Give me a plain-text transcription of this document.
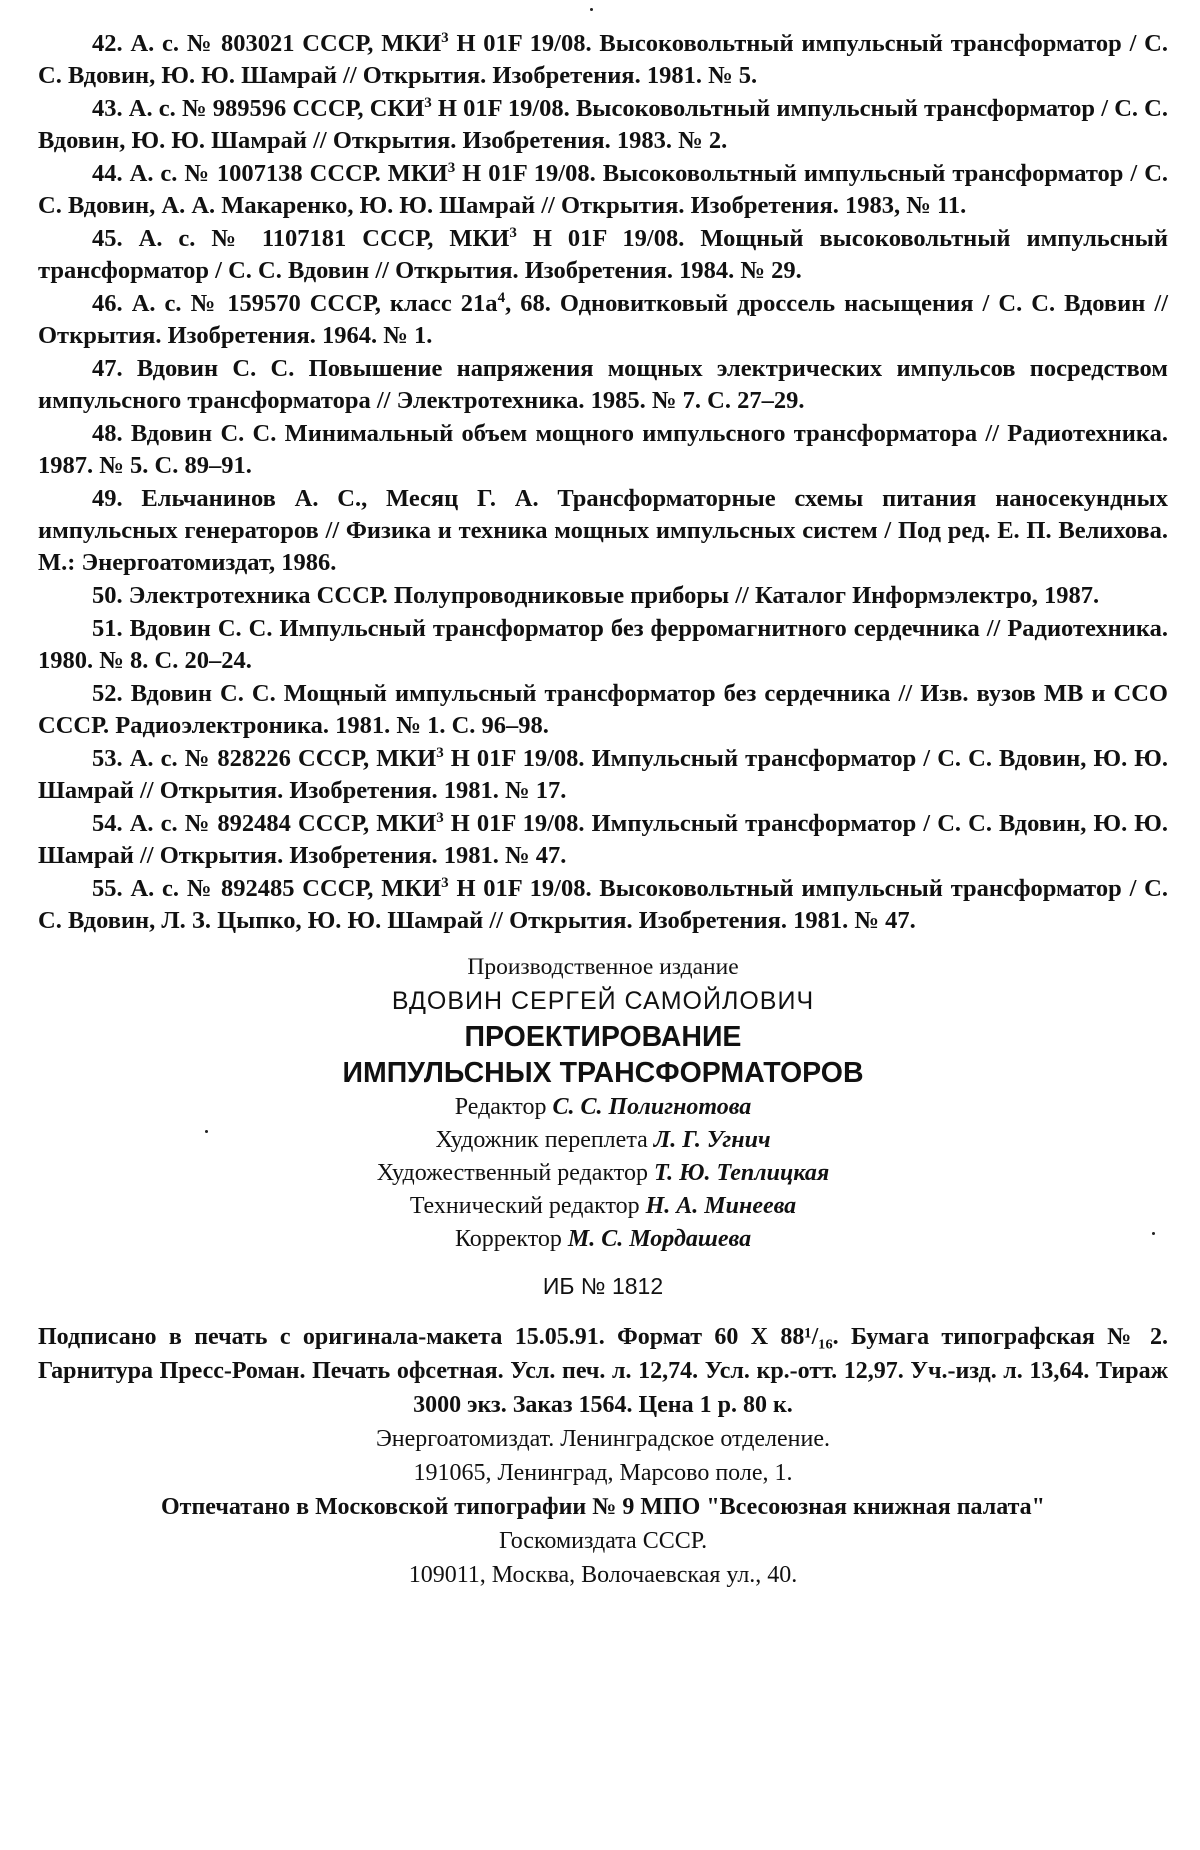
42. А. с. № 803021 СССР, МКИ$^3$ Н 01F 19/08. Высоковольтный импульсный трансформатор / С. С. Вдовин, Ю. Ю. Шамрай // Открытия. Изобретения. 1981. № 5.

43. А. с. № 989596 СССР, СКИ$^3$ Н 01F 19/08. Высоковольтный импульсный трансформатор / С. С. Вдовин, Ю. Ю. Шамрай // Открытия. Изобретения. 1983. № 2.

44. А. с. № 1007138 СССР. МКИ$^3$ Н 01F 19/08. Высоковольтный импульсный трансформатор / С. С. Вдовин, А. А. Макаренко, Ю. Ю. Шамрай // Открытия. Изобретения. 1983, № 11.

45. А. с. № 1107181 СССР, МКИ$^3$ Н 01F 19/08. Мощный высоковольтный импульсный трансформатор / С. С. Вдовин // Открытия. Изобретения. 1984. № 29.

46. А. с. № 159570 СССР, класс $21а^4$, 68. Одновитковый дроссель насыщения / С. С. Вдовин // Открытия. Изобретения. 1964. № 1.

47. Вдовин С. С. Повышение напряжения мощных электрических импульсов посредством импульсного трансформатора // Электротехника. 1985. № 7. С. 27–29.

48. Вдовин С. С. Минимальный объем мощного импульсного трансформатора // Радиотехника. 1987. № 5. С. 89–91.

49. Ельчанинов А. С., Месяц Г. А. Трансформаторные схемы питания наносекундных импульсных генераторов // Физика и техника мощных импульсных систем / Под ред. Е. П. Велихова. М.: Энергоатомиздат, 1986.

50. Электротехника СССР. Полупроводниковые приборы // Каталог Информэлектро, 1987.

51. Вдовин С. С. Импульсный трансформатор без ферромагнитного сердечника // Радиотехника. 1980. № 8. С. 20–24.

52. Вдовин С. С. Мощный импульсный трансформатор без сердечника // Изв. вузов МВ и ССО СССР. Радиоэлектроника. 1981. № 1. С. 96–98.

53. А. с. № 828226 СССР, МКИ$^3$ Н 01F 19/08. Импульсный трансформатор / С. С. Вдовин, Ю. Ю. Шамрай // Открытия. Изобретения. 1981. № 17.

54. А. с. № 892484 СССР, МКИ$^3$ Н 01F 19/08. Импульсный трансформатор / С. С. Вдовин, Ю. Ю. Шамрай // Открытия. Изобретения. 1981. № 47.

55. А. с. № 892485 СССР, МКИ$^3$ Н 01F 19/08. Высоковольтный импульсный трансформатор / С. С. Вдовин, Л. З. Цыпко, Ю. Ю. Шамрай // Открытия. Изобретения. 1981. № 47.

Производственное издание
ВДОВИН СЕРГЕЙ САМОЙЛОВИЧ
ПРОЕКТИРОВАНИЕ
ИМПУЛЬСНЫХ ТРАНСФОРМАТОРОВ
Редактор С. С. Полигнотова
Художник переплета Л. Г. Угнич
Художественный редактор Т. Ю. Теплицкая
Технический редактор Н. А. Минеева
Корректор М. С. Мордашева
ИБ № 1812
Подписано в печать с оригинала-макета 15.05.91. Формат 60 X 88¹/₁₆. Бумага типографская № 2. Гарнитура Пресс-Роман. Печать офсетная. Усл. печ. л. 12,74. Усл. кр.-отт. 12,97. Уч.-изд. л. 13,64. Тираж 3000 экз. Заказ 1564. Цена 1 р. 80 к.
Энергоатомиздат. Ленинградское отделение.
191065, Ленинград, Марсово поле, 1.
Отпечатано в Московской типографии № 9 МПО "Всесоюзная книжная палата"
Госкомиздата СССР.
109011, Москва, Волочаевская ул., 40.
